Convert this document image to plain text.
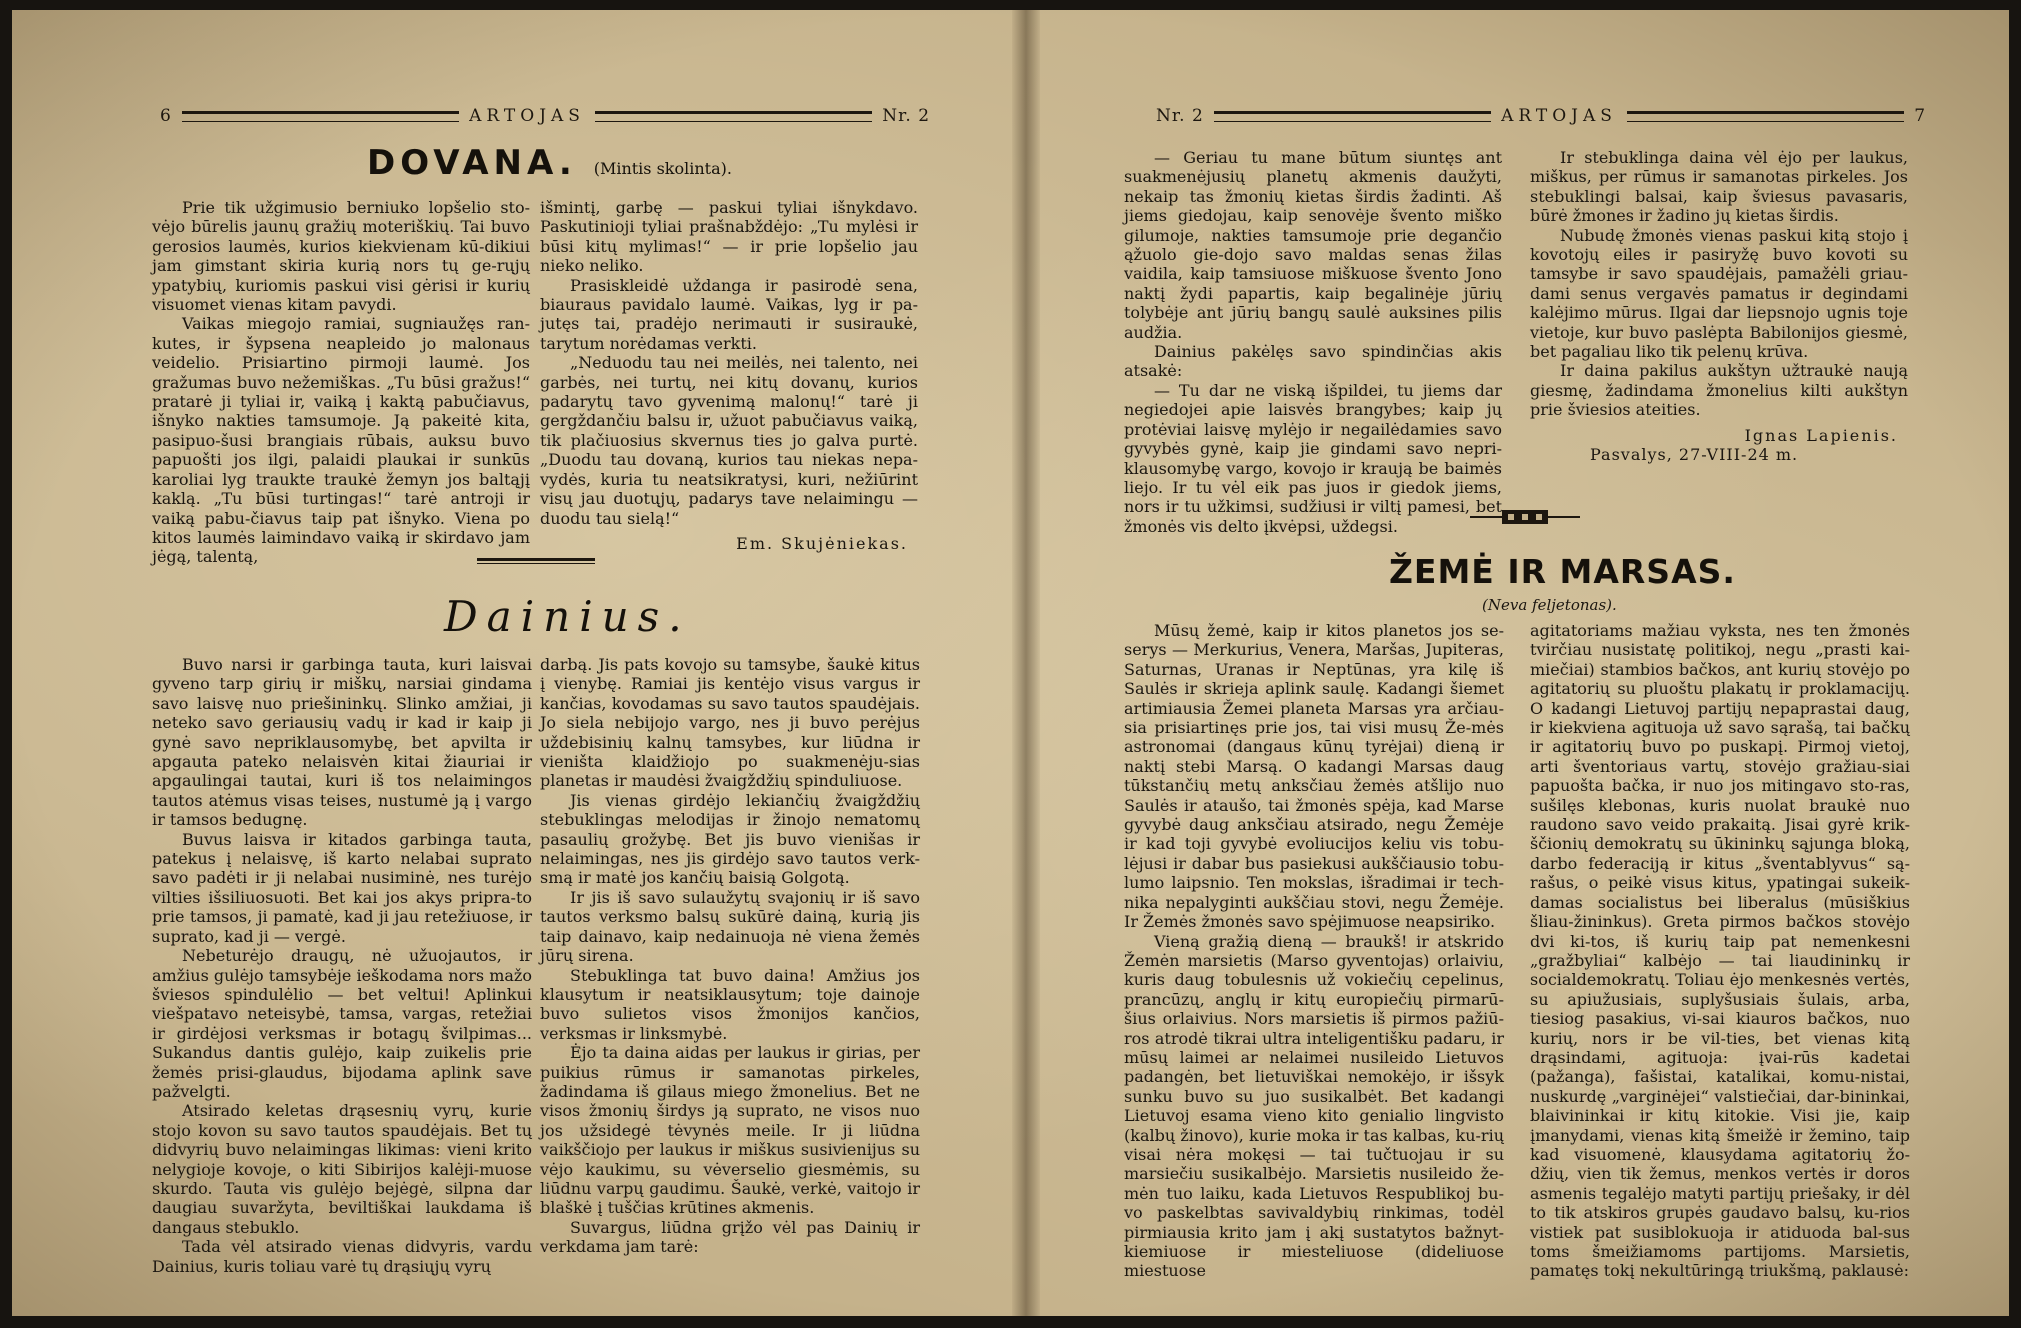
6	ARTOJAS	Nr. 2
DOVANA. (Mintis skolinta).

Prie tik užgimusio berniuko lopšelio sto-vėjo būrelis jaunų gražių moteriškių. Tai buvo gerosios laumės, kurios kiekvienam kū-dikiui jam gimstant skiria kurią nors tų ge-rųjų ypatybių, kuriomis paskui visi gėrisi ir kurių visuomet vienas kitam pavydi.

Vaikas miegojo ramiai, sugniaužęs ran-kutes, ir šypsena neapleido jo malonaus veidelio. Prisiartino pirmoji laumė. Jos gražumas buvo nežemiškas. „Tu būsi gražus!“ pratarė ji tyliai ir, vaiką į kaktą pabučiavus, išnyko nakties tamsumoje. Ją pakeitė kita, pasipuo-šusi brangiais rūbais, auksu buvo papuošti jos ilgi, palaidi plaukai ir sunkūs karoliai lyg traukte traukė žemyn jos baltąjį kaklą. „Tu būsi turtingas!“ tarė antroji ir vaiką pabu-čiavus taip pat išnyko. Viena po kitos laumės laimindavo vaiką ir skirdavo jam jėgą, talentą,

išmintį, garbę — paskui tyliai išnykdavo. Paskutinioji tyliai prašnabždėjo: „Tu mylėsi ir būsi kitų mylimas!“ — ir prie lopšelio jau nieko neliko.

Prasiskleidė uždanga ir pasirodė sena, biauraus pavidalo laumė. Vaikas, lyg ir pa-jutęs tai, pradėjo nerimauti ir susiraukė, tarytum norėdamas verkti.

„Neduodu tau nei meilės, nei talento, nei garbės, nei turtų, nei kitų dovanų, kurios padarytų tavo gyvenimą malonų!“ tarė ji gergždančiu balsu ir, užuot pabučiavus vaiką, tik plačiuosius skvernus ties jo galva purtė. „Duodu tau dovaną, kurios tau niekas nepa-vydės, kuria tu neatsikratysi, kuri, nežiūrint visų jau duotųjų, padarys tave nelaimingu — duodu tau sielą!“

Em. Skujėniekas.
Dainius.

Buvo narsi ir garbinga tauta, kuri laisvai gyveno tarp girių ir miškų, narsiai gindama savo laisvę nuo priešininkų. Slinko amžiai, ji neteko savo geriausių vadų ir kad ir kaip ji gynė savo nepriklausomybę, bet apvilta ir apgauta pateko nelaisvėn kitai žiauriai ir apgaulingai tautai, kuri iš tos nelaimingos tautos atėmus visas teises, nustumė ją į vargo ir tamsos bedugnę.

Buvus laisva ir kitados garbinga tauta, patekus į nelaisvę, iš karto nelabai suprato savo padėti ir ji nelabai nusiminė, nes turėjo vilties išsiliuosuoti. Bet kai jos akys pripra-to prie tamsos, ji pamatė, kad ji jau retežiuose, ir suprato, kad ji — vergė.

Nebeturėjo draugų, nė užuojautos, ir amžius gulėjo tamsybėje ieškodama nors mažo šviesos spindulėlio — bet veltui! Aplinkui viešpatavo neteisybė, tamsa, vargas, retežiai ir girdėjosi verksmas ir botagų švilpimas... Sukandus dantis gulėjo, kaip zuikelis prie žemės prisi-glaudus, bijodama aplink save pažvelgti.

Atsirado keletas drąsesnių vyrų, kurie stojo kovon su savo tautos spaudėjais. Bet tų didvyrių buvo nelaimingas likimas: vieni krito nelygioje kovoje, o kiti Sibirijos kalėji-muose skurdo. Tauta vis gulėjo bejėgė, silpna dar daugiau suvaržyta, beviltiškai laukdama iš dangaus stebuklo.

Tada vėl atsirado vienas didvyris, vardu Dainius, kuris toliau varė tų drąsiųjų vyrų

darbą. Jis pats kovojo su tamsybe, šaukė kitus į vienybę. Ramiai jis kentėjo visus vargus ir kančias, kovodamas su savo tautos spaudėjais. Jo siela nebijojo vargo, nes ji buvo perėjus uždebisinių kalnų tamsybes, kur liūdna ir vieništa klaidžiojo po suakmenėju-sias planetas ir maudėsi žvaigždžių spinduliuose.

Jis vienas girdėjo lekiančių žvaigždžių stebuklingas melodijas ir žinojo nematomų pasaulių grožybę. Bet jis buvo vienišas ir nelaimingas, nes jis girdėjo savo tautos verk-smą ir matė jos kančių baisią Golgotą.

Ir jis iš savo sulaužytų svajonių ir iš savo tautos verksmo balsų sukūrė dainą, kurią jis taip dainavo, kaip nedainuoja nė viena žemės jūrų sirena.

Stebuklinga tat buvo daina! Amžius jos klausytum ir neatsiklausytum; toje dainoje buvo sulietos visos žmonijos kančios, verksmas ir linksmybė.

Ėjo ta daina aidas per laukus ir girias, per puikius rūmus ir samanotas pirkeles, žadindama iš gilaus miego žmonelius. Bet ne visos žmonių širdys ją suprato, ne visos nuo jos užsidegė tėvynės meile. Ir ji liūdna vaikščiojo per laukus ir miškus susivienijus su vėjo kaukimu, su vėverselio giesmėmis, su liūdnu varpų gaudimu. Šaukė, verkė, vaitojo ir blaškė į tuščias krūtines akmenis.

Suvargus, liūdna grįžo vėl pas Dainių ir verkdama jam tarė:

Nr. 2	ARTOJAS	7

— Geriau tu mane būtum siuntęs ant suakmenėjusių planetų akmenis daužyti, nekaip tas žmonių kietas širdis žadinti. Aš jiems giedojau, kaip senovėje švento miško gilumoje, nakties tamsumoje prie degančio ąžuolo gie-dojo savo maldas senas žilas vaidila, kaip tamsiuose miškuose švento Jono naktį žydi papartis, kaip begalinėje jūrių tolybėje ant jūrių bangų saulė auksines pilis audžia.

Dainius pakėlęs savo spindinčias akis atsakė:

— Tu dar ne viską išpildei, tu jiems dar negiedojei apie laisvės brangybes; kaip jų protėviai laisvę mylėjo ir negailėdamies savo gyvybės gynė, kaip jie gindami savo nepri-klausomybę vargo, kovojo ir kraują be baimės liejo. Ir tu vėl eik pas juos ir giedok jiems, nors ir tu užkimsi, sudžiusi ir viltį pamesi, bet žmonės vis delto įkvėpsi, uždegsi.

Ir stebuklinga daina vėl ėjo per laukus, miškus, per rūmus ir samanotas pirkeles. Jos stebuklingi balsai, kaip šviesus pavasaris, būrė žmones ir žadino jų kietas širdis.

Nubudę žmonės vienas paskui kitą stojo į kovotojų eiles ir pasiryžę buvo kovoti su tamsybe ir savo spaudėjais, pamažėli griau-dami senus vergavės pamatus ir degindami kalėjimo mūrus. Ilgai dar liepsnojo ugnis toje vietoje, kur buvo paslėpta Babilonijos giesmė, bet pagaliau liko tik pelenų krūva.

Ir daina pakilus aukštyn užtraukė naują giesmę, žadindama žmonelius kilti aukštyn prie šviesios ateities.

Ignas Lapienis.

Pasvalys, 27-VIII-24 m.

ŽEMĖ IR MARSAS.
(Neva feljetonas).

Mūsų žemė, kaip ir kitos planetos jos se-serys — Merkurius, Venera, Maršas, Jupiteras, Saturnas, Uranas ir Neptūnas, yra kilę iš Saulės ir skrieja aplink saulę. Kadangi šiemet artimiausia Žemei planeta Marsas yra arčiau-sia prisiartinęs prie jos, tai visi musų Že-mės astronomai (dangaus kūnų tyrėjai) dieną ir naktį stebi Marsą. O kadangi Marsas daug tūkstančių metų anksčiau žemės atšlijo nuo Saulės ir ataušo, tai žmonės spėja, kad Marse gyvybė daug anksčiau atsirado, negu Žemėje ir kad toji gyvybė evoliucijos keliu vis tobu-lėjusi ir dabar bus pasiekusi aukščiausio tobu-lumo laipsnio. Ten mokslas, išradimai ir tech-nika nepalyginti aukščiau stovi, negu Žemėje. Ir Žemės žmonės savo spėjimuose neapsiriko.

Vieną gražią dieną — braukš! ir atskrido Žemėn marsietis (Marso gyventojas) orlaiviu, kuris daug tobulesnis už vokiečių cepelinus, prancūzų, anglų ir kitų europiečių pirmarū-šius orlaivius. Nors marsietis iš pirmos pažiū-ros atrodė tikrai ultra inteligentišku padaru, ir mūsų laimei ar nelaimei nusileido Lietuvos padangėn, bet lietuviškai nemokėjo, ir išsyk sunku buvo su juo susikalbėt. Bet kadangi Lietuvoj esama vieno kito genialio lingvisto (kalbų žinovo), kurie moka ir tas kalbas, ku-rių visai nėra mokęsi — tai tučtuojau ir su marsiečiu susikalbėjo. Marsietis nusileido že-mėn tuo laiku, kada Lietuvos Respublikoj bu-vo paskelbtas savivaldybių rinkimas, todėl pirmiausia krito jam į akį sustatytos bažnyt-kiemiuose ir miesteliuose (dideliuose miestuose

agitatoriams mažiau vyksta, nes ten žmonės tvirčiau nusistatę politikoj, negu „prasti kai-miečiai) stambios bačkos, ant kurių stovėjo po agitatorių su pluoštu plakatų ir proklamacijų. O kadangi Lietuvoj partijų nepaprastai daug, ir kiekviena agituoja už savo sąrašą, tai bačkų ir agitatorių buvo po puskapį. Pirmoj vietoj, arti šventoriaus vartų, stovėjo gražiau-siai papuošta bačka, ir nuo jos mitingavo sto-ras, sušilęs klebonas, kuris nuolat braukė nuo raudono savo veido prakaitą. Jisai gyrė krik-ščionių demokratų su ūkininkų sąjunga bloką, darbo federaciją ir kitus „šventablyvus“ są-rašus, o peikė visus kitus, ypatingai sukeik-damas socialistus bei liberalus (mūsiškius šliau-žininkus). Greta pirmos bačkos stovėjo dvi ki-tos, iš kurių taip pat nemenkesni „gražbyliai“ kalbėjo — tai liaudininkų ir socialdemokratų. Toliau ėjo menkesnės vertės, su apiužusiais, suplyšusiais šulais, arba, tiesiog pasakius, vi-sai kiauros bačkos, nuo kurių, nors ir be vil-ties, bet vienas kitą drąsindami, agituoja: įvai-rūs kadetai (pažanga), fašistai, katalikai, komu-nistai, nuskurdę „varginėjei“ valstiečiai, dar-bininkai, blaivininkai ir kitų kitokie. Visi jie, kaip įmanydami, vienas kitą šmeižė ir žemino, taip kad visuomenė, klausydama agitatorių žo-džių, vien tik žemus, menkos vertės ir doros asmenis tegalėjo matyti partijų priešaky, ir dėl to tik atskiros grupės gaudavo balsų, ku-rios vistiek pat susiblokuoja ir atiduoda bal-sus toms šmeižiamoms partijoms. Marsietis, pamatęs tokį nekultūringą triukšmą, paklausė:
